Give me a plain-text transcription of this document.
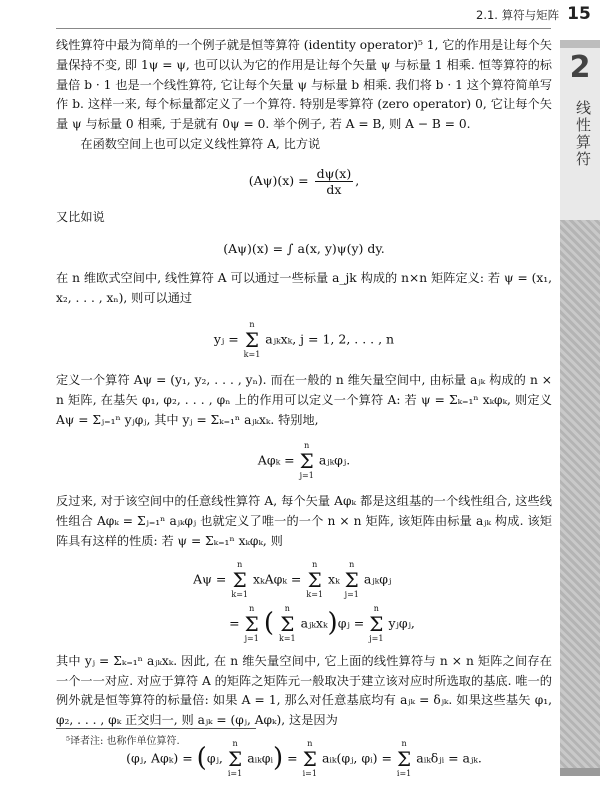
2.1. 算符与矩阵 15
2
线性算符

线性算符中最为简单的一个例子就是恒等算符 (identity operator)⁵ 1, 它的作用是让每个矢量保持不变, 即 1ψ = ψ, 也可以认为它的作用是让每个矢量 ψ 与标量 1 相乘. 恒等算符的标量倍 b · 1 也是一个线性算符, 它让每个矢量 ψ 与标量 b 相乘. 我们将 b · 1 这个算符简单写作 b. 这样一来, 每个标量都定义了一个算符. 特别是零算符 (zero operator) 0, 它让每个矢量 ψ 与标量 0 相乘, 于是就有 0ψ = 0. 举个例子, 若 A = B, 则 A − B = 0.

在函数空间上也可以定义线性算符 A, 比方说

$(A\psi)(x) = \frac{d\psi(x)}{dx}$ ,

又比如说

(Aψ)(x) = ∫ a(x, y)ψ(y) dy.

在 n 维欧式空间中, 线性算符 A 可以通过一些标量 a_jk 构成的 n×n 矩阵定义: 若 ψ = (x₁, x₂, . . . , xₙ), 则可以通过

yⱼ =
n
Σ
k=1
aⱼₖxₖ, j = 1, 2, . . . , n

定义一个算符 Aψ = (y₁, y₂, . . . , yₙ). 而在一般的 n 维矢量空间中, 由标量 aⱼₖ 构成的 n × n 矩阵, 在基矢 φ₁, φ₂, . . . , φₙ 上的作用可以定义一个算符 A: 若 ψ = Σₖ₌₁ⁿ xₖφₖ, 则定义 Aψ = Σⱼ₌₁ⁿ yⱼφⱼ, 其中 yⱼ = Σₖ₌₁ⁿ aⱼₖxₖ. 特别地,

Aφₖ =
n
Σ
j=1
aⱼₖφⱼ.

反过来, 对于该空间中的任意线性算符 A, 每个矢量 Aφₖ 都是这组基的一个线性组合, 这些线性组合 Aφₖ = Σⱼ₌₁ⁿ aⱼₖφⱼ 也就定义了唯一的一个 n × n 矩阵, 该矩阵由标量 aⱼₖ 构成. 该矩阵具有这样的性质: 若 ψ = Σₖ₌₁ⁿ xₖφₖ, 则

Aψ =
n
Σ
k=1
xₖAφₖ =
n
Σ
k=1
xₖ
n
Σ
j=1
aⱼₖφⱼ
=
n
Σ
j=1
(	n
Σ
k=1
aⱼₖxₖ)φⱼ =
n
Σ
j=1
yⱼφⱼ,

其中 yⱼ = Σₖ₌₁ⁿ aⱼₖxₖ. 因此, 在 n 维矢量空间中, 它上面的线性算符与 n × n 矩阵之间存在一个一一对应. 对应于算符 A 的矩阵之矩阵元一般取决于建立该对应时所选取的基底. 唯一的例外就是恒等算符的标量倍: 如果 A = 1, 那么对任意基底均有 aⱼₖ = δⱼₖ. 如果这些基矢 φ₁, φ₂, . . . , φₖ 正交归一, 则 aⱼₖ = (φⱼ, Aφₖ), 这是因为

(φⱼ, Aφₖ) = (φⱼ,
n
Σ
i=1
aᵢₖφᵢ) =
n
Σ
i=1
aᵢₖ(φⱼ, φᵢ) =
n
Σ
i=1
aᵢₖδⱼᵢ = aⱼₖ.
⁵译者注: 也称作单位算符.
